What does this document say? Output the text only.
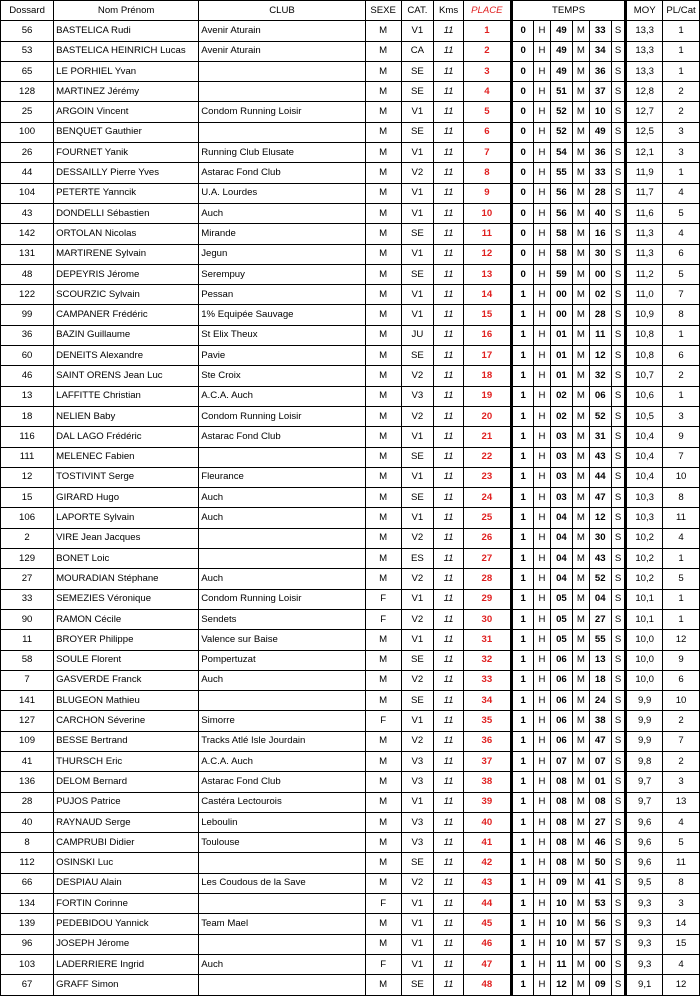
Dossard	Nom Prénom	CLUB	SEXE	CAT.	Kms	PLACE	TEMPS						MOY	PL/Cat
56	BASTELICA Rudi	Avenir Aturain	M	V1	11	1	0	H	49	M	33	S	13,3	1
53	BASTELICA HEINRICH Lucas	Avenir Aturain	M	CA	11	2	0	H	49	M	34	S	13,3	1
65	LE PORHIEL Yvan		M	SE	11	3	0	H	49	M	36	S	13,3	1
128	MARTINEZ Jérémy		M	SE	11	4	0	H	51	M	37	S	12,8	2
25	ARGOIN Vincent	Condom Running Loisir	M	V1	11	5	0	H	52	M	10	S	12,7	2
100	BENQUET Gauthier		M	SE	11	6	0	H	52	M	49	S	12,5	3
26	FOURNET Yanik	Running Club Elusate	M	V1	11	7	0	H	54	M	36	S	12,1	3
44	DESSAILLY Pierre Yves	Astarac Fond Club	M	V2	11	8	0	H	55	M	33	S	11,9	1
104	PETERTE Yanncik	U.A. Lourdes	M	V1	11	9	0	H	56	M	28	S	11,7	4
43	DONDELLI Sébastien	Auch	M	V1	11	10	0	H	56	M	40	S	11,6	5
142	ORTOLAN Nicolas	Mirande	M	SE	11	11	0	H	58	M	16	S	11,3	4
131	MARTIRENE Sylvain	Jegun	M	V1	11	12	0	H	58	M	30	S	11,3	6
48	DEPEYRIS Jérome	Serempuy	M	SE	11	13	0	H	59	M	00	S	11,2	5
122	SCOURZIC Sylvain	Pessan	M	V1	11	14	1	H	00	M	02	S	11,0	7
99	CAMPANER Frédéric	1% Equipée Sauvage	M	V1	11	15	1	H	00	M	28	S	10,9	8
36	BAZIN Guillaume	St Elix Theux	M	JU	11	16	1	H	01	M	11	S	10,8	1
60	DENEITS Alexandre	Pavie	M	SE	11	17	1	H	01	M	12	S	10,8	6
46	SAINT ORENS Jean Luc	Ste Croix	M	V2	11	18	1	H	01	M	32	S	10,7	2
13	LAFFITTE Christian	A.C.A. Auch	M	V3	11	19	1	H	02	M	06	S	10,6	1
18	NELIEN Baby	Condom Running Loisir	M	V2	11	20	1	H	02	M	52	S	10,5	3
116	DAL LAGO Frédéric	Astarac Fond Club	M	V1	11	21	1	H	03	M	31	S	10,4	9
111	MELENEC Fabien		M	SE	11	22	1	H	03	M	43	S	10,4	7
12	TOSTIVINT Serge	Fleurance	M	V1	11	23	1	H	03	M	44	S	10,4	10
15	GIRARD Hugo	Auch	M	SE	11	24	1	H	03	M	47	S	10,3	8
106	LAPORTE Sylvain	Auch	M	V1	11	25	1	H	04	M	12	S	10,3	11
2	VIRE Jean Jacques		M	V2	11	26	1	H	04	M	30	S	10,2	4
129	BONET Loic		M	ES	11	27	1	H	04	M	43	S	10,2	1
27	MOURADIAN Stéphane	Auch	M	V2	11	28	1	H	04	M	52	S	10,2	5
33	SEMEZIES Véronique	Condom Running Loisir	F	V1	11	29	1	H	05	M	04	S	10,1	1
90	RAMON Cécile	Sendets	F	V2	11	30	1	H	05	M	27	S	10,1	1
11	BROYER Philippe	Valence sur Baise	M	V1	11	31	1	H	05	M	55	S	10,0	12
58	SOULE Florent	Pompertuzat	M	SE	11	32	1	H	06	M	13	S	10,0	9
7	GASVERDE Franck	Auch	M	V2	11	33	1	H	06	M	18	S	10,0	6
141	BLUGEON Mathieu		M	SE	11	34	1	H	06	M	24	S	9,9	10
127	CARCHON Séverine	Simorre	F	V1	11	35	1	H	06	M	38	S	9,9	2
109	BESSE Bertrand	Tracks Atlé Isle Jourdain	M	V2	11	36	1	H	06	M	47	S	9,9	7
41	THURSCH Eric	A.C.A. Auch	M	V3	11	37	1	H	07	M	07	S	9,8	2
136	DELOM Bernard	Astarac Fond Club	M	V3	11	38	1	H	08	M	01	S	9,7	3
28	PUJOS Patrice	Castéra Lectourois	M	V1	11	39	1	H	08	M	08	S	9,7	13
40	RAYNAUD Serge	Leboulin	M	V3	11	40	1	H	08	M	27	S	9,6	4
8	CAMPRUBI Didier	Toulouse	M	V3	11	41	1	H	08	M	46	S	9,6	5
112	OSINSKI Luc		M	SE	11	42	1	H	08	M	50	S	9,6	11
66	DESPIAU Alain	Les Coudous de la Save	M	V2	11	43	1	H	09	M	41	S	9,5	8
134	FORTIN Corinne		F	V1	11	44	1	H	10	M	53	S	9,3	3
139	PEDEBIDOU Yannick	Team Mael	M	V1	11	45	1	H	10	M	56	S	9,3	14
96	JOSEPH Jérome		M	V1	11	46	1	H	10	M	57	S	9,3	15
103	LADERRIERE Ingrid	Auch	F	V1	11	47	1	H	11	M	00	S	9,3	4
67	GRAFF Simon		M	SE	11	48	1	H	12	M	09	S	9,1	12
